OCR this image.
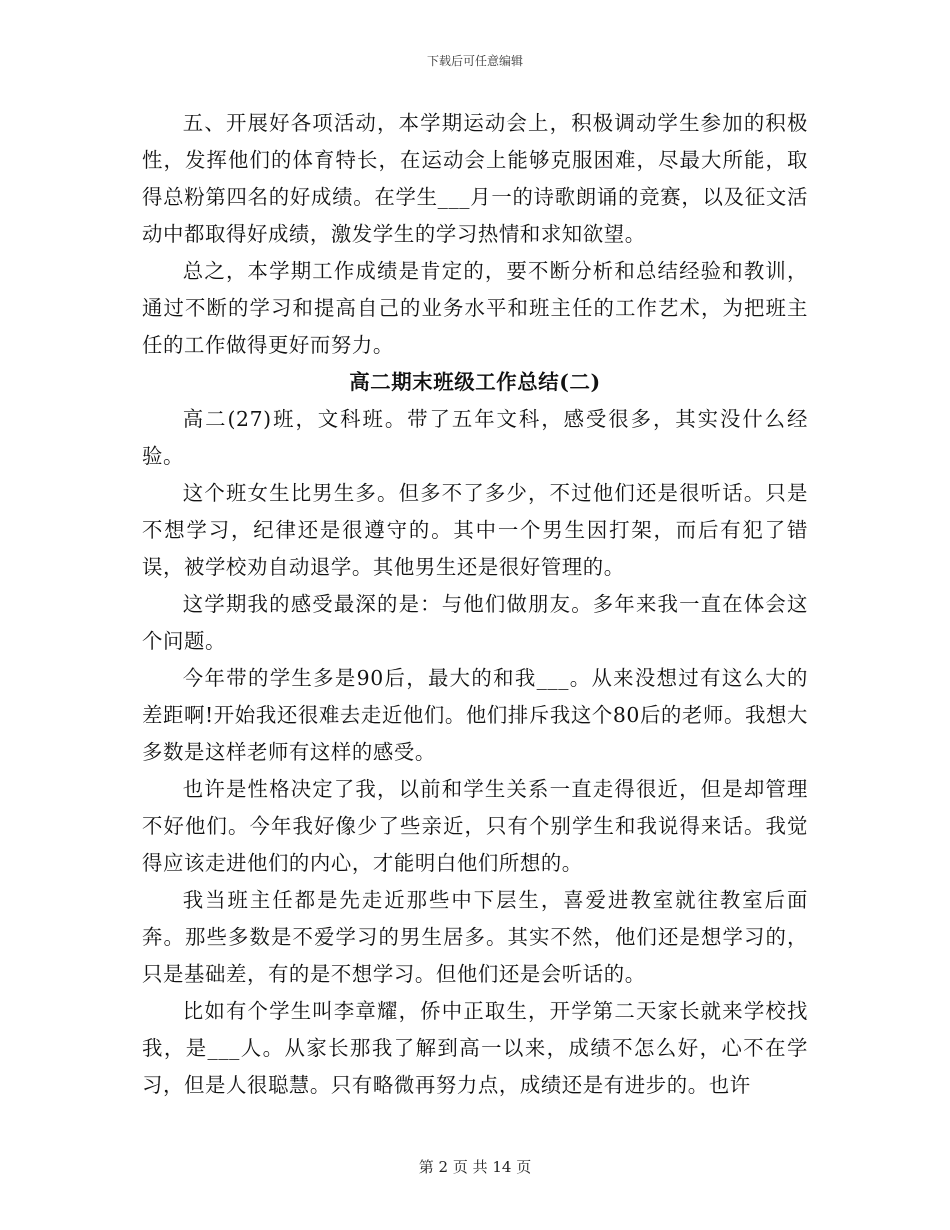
下载后可任意编辑

五、开展好各项活动，本学期运动会上，积极调动学生参加的积极性，发挥他们的体育特长，在运动会上能够克服困难，尽最大所能，取得总粉第四名的好成绩。在学生___月一的诗歌朗诵的竞赛，以及征文活动中都取得好成绩，激发学生的学习热情和求知欲望。

总之，本学期工作成绩是肯定的，要不断分析和总结经验和教训，通过不断的学习和提高自己的业务水平和班主任的工作艺术，为把班主任的工作做得更好而努力。

高二期末班级工作总结(二)

高二(27)班，文科班。带了五年文科，感受很多，其实没什么经验。

这个班女生比男生多。但多不了多少，不过他们还是很听话。只是不想学习，纪律还是很遵守的。其中一个男生因打架，而后有犯了错误，被学校劝自动退学。其他男生还是很好管理的。

这学期我的感受最深的是：与他们做朋友。多年来我一直在体会这个问题。

今年带的学生多是90后，最大的和我___。从来没想过有这么大的差距啊!开始我还很难去走近他们。他们排斥我这个80后的老师。我想大多数是这样老师有这样的感受。

也许是性格决定了我，以前和学生关系一直走得很近，但是却管理不好他们。今年我好像少了些亲近，只有个别学生和我说得来话。我觉得应该走进他们的内心，才能明白他们所想的。

我当班主任都是先走近那些中下层生，喜爱进教室就往教室后面奔。那些多数是不爱学习的男生居多。其实不然，他们还是想学习的，只是基础差，有的是不想学习。但他们还是会听话的。

比如有个学生叫李章耀，侨中正取生，开学第二天家长就来学校找我，是___人。从家长那我了解到高一以来，成绩不怎么好，心不在学习，但是人很聪慧。只有略微再努力点，成绩还是有进步的。也许

第 2 页 共 14 页
